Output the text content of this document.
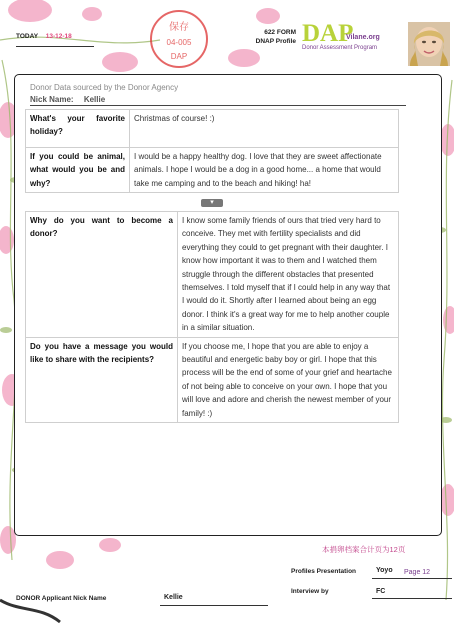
TODAY 13-12-18
保存
04-005
DAP
622 FORM
DNAP Profile DAP
Vilane.org
Donor Assessment Program
Donor Data sourced by the Donor Agency
Nick Name: Kellie
What's your favorite holiday?	Christmas of course! :)
If you could be animal, what would you be and why?	I would be a happy healthy dog. I love that they are sweet affectionate animals. I hope I would be a dog in a good home... a home that would take me camping and to the beach and hiking! ha!
▾
Why do you want to become a donor?	I know some family friends of ours that tried very hard to conceive. They met with fertility specialists and did everything they could to get pregnant with their daughter. I know how important it was to them and I watched them struggle through the different obstacles that presented themselves. I told myself that if I could help in any way that I would do it. Shortly after I learned about being an egg donor. I think it's a great way for me to help another couple in a similar situation.
Do you have a message you would like to share with the recipients?	If you choose me, I hope that you are able to enjoy a beautiful and energetic baby boy or girl. I hope that this process will be the end of some of your grief and heartache of not being able to conceive on your own. I hope that you will love and adore and cherish the newest member of your family! :)
本捐卵档案合计页为12页
Profiles Presentation	Yoyo Page 12
Interview by	FC
DONOR Applicant Nick Name	Kellie
